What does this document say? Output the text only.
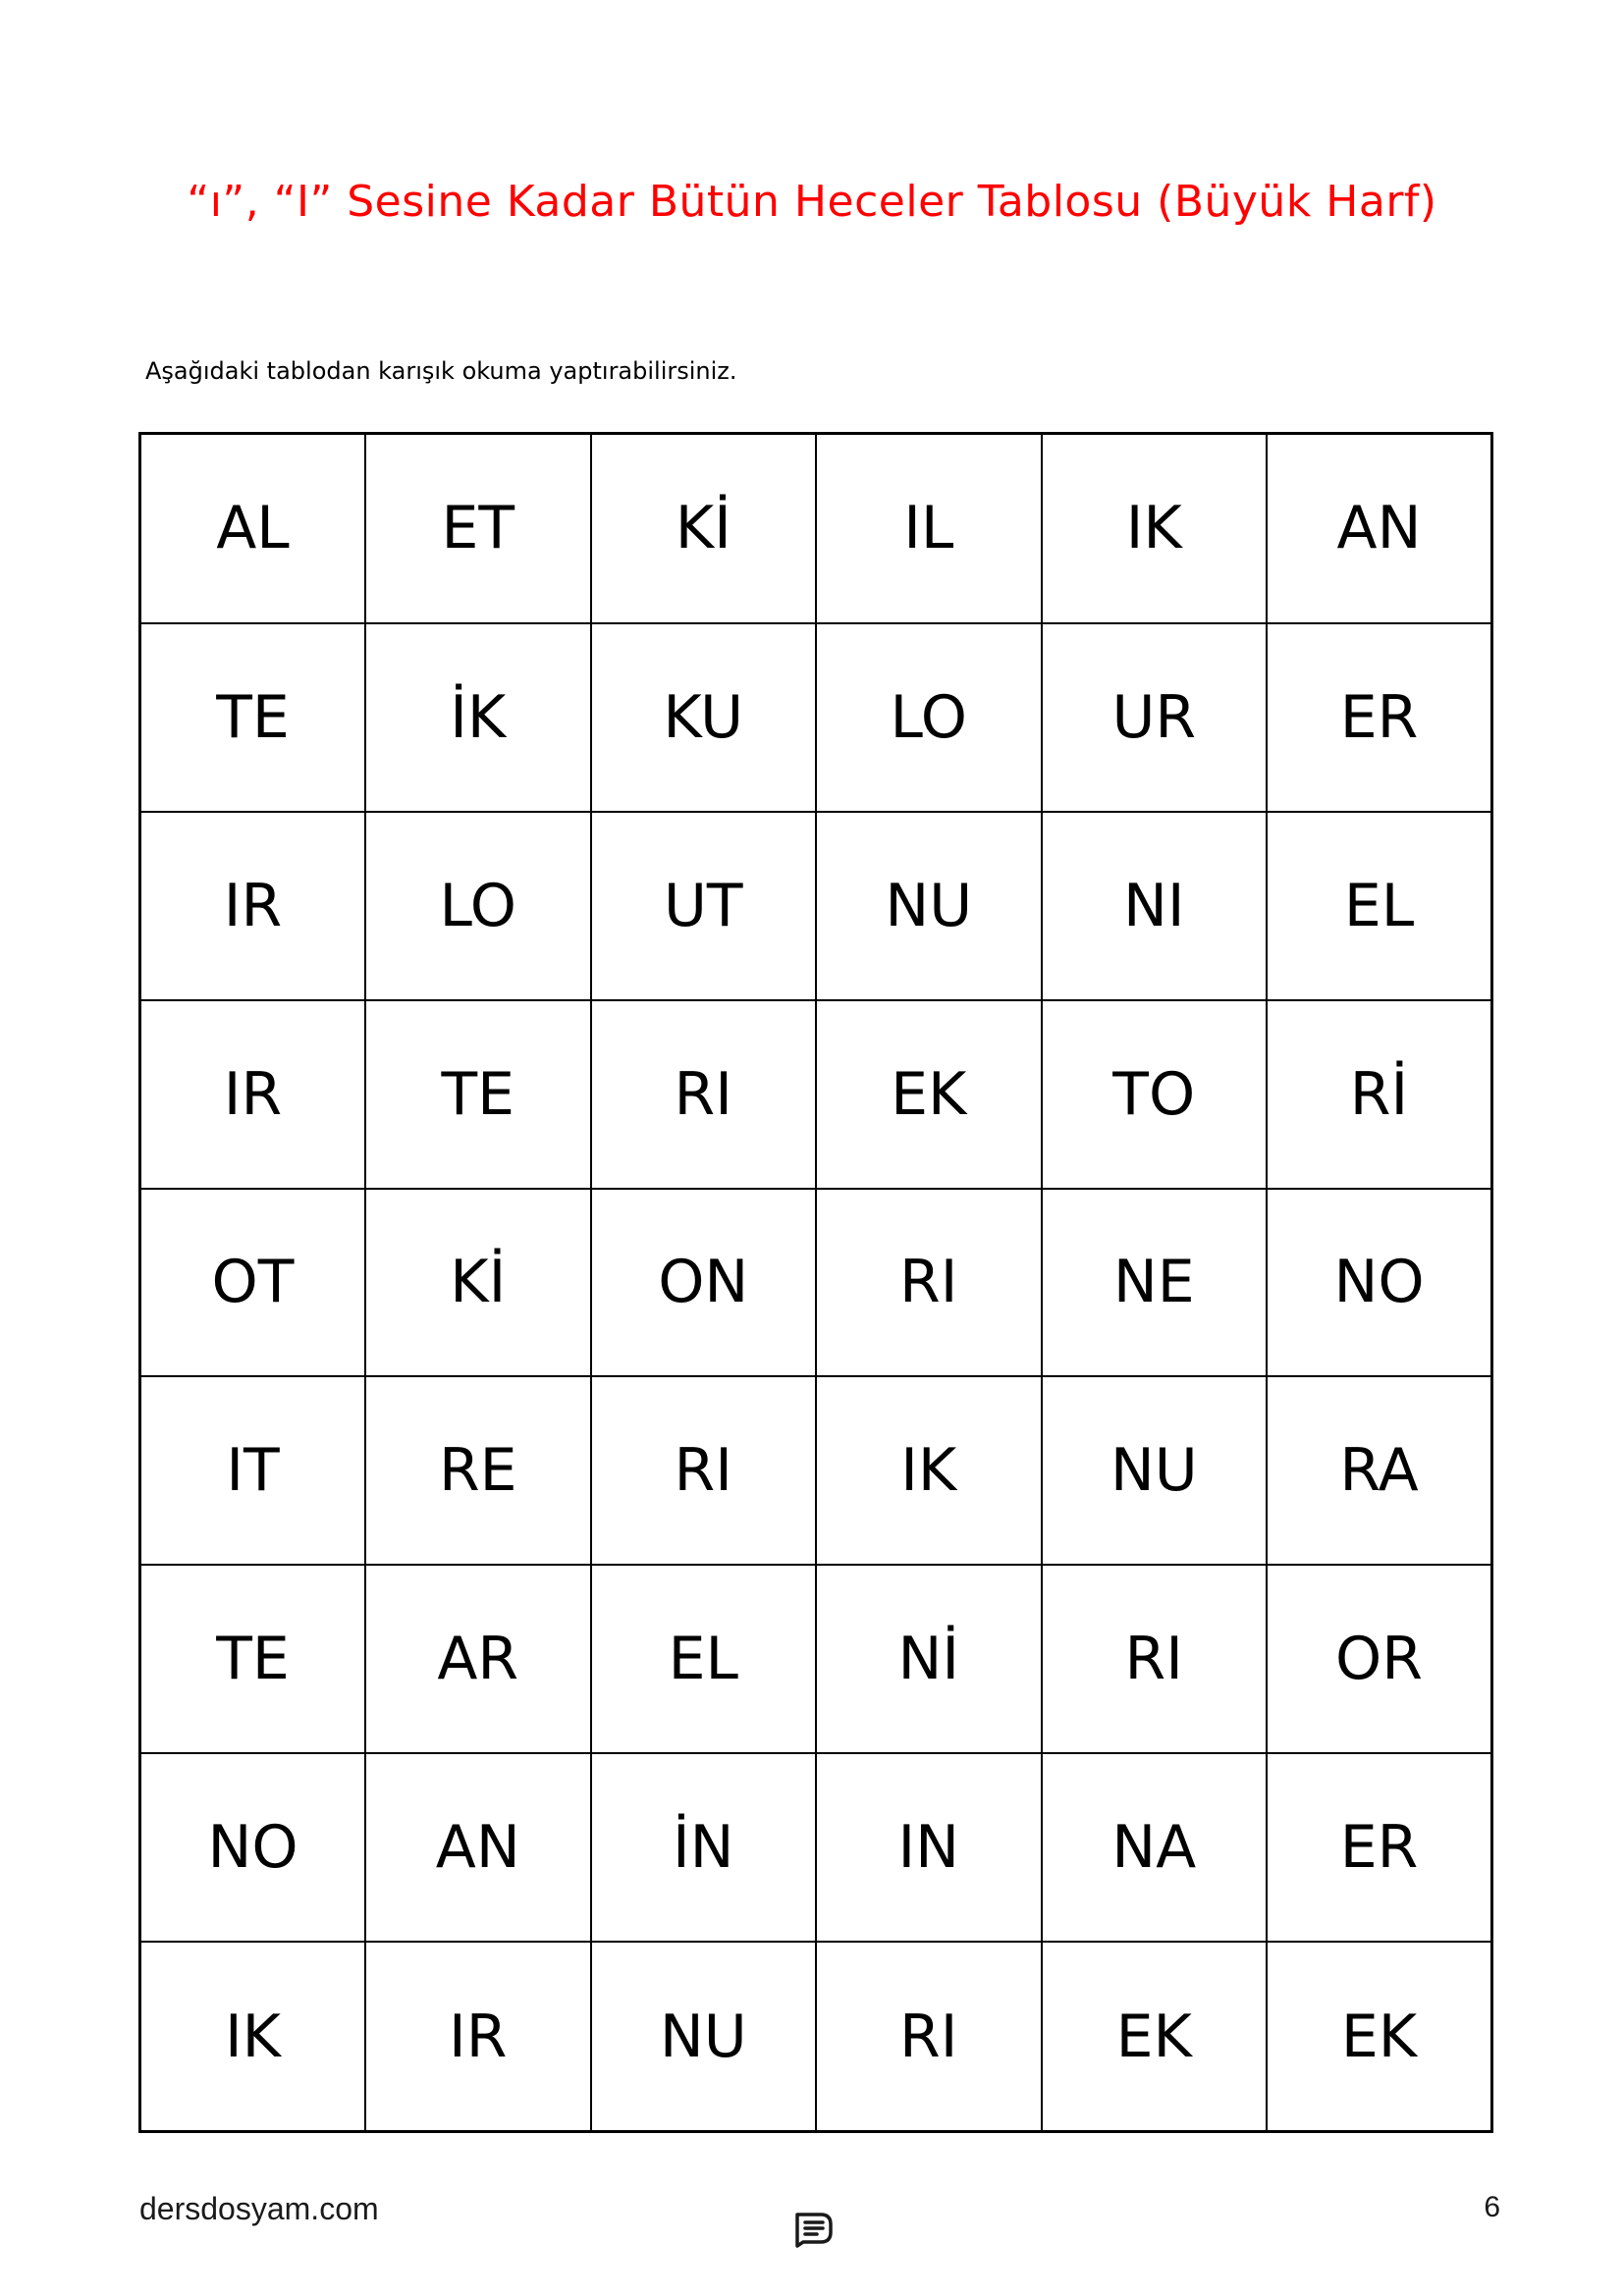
“ı”, “I” Sesine Kadar Bütün Heceler Tablosu (Büyük Harf)
Aşağıdaki tablodan karışık okuma yaptırabilirsiniz.
AL	ET	Kİ	IL	IK	AN
TE	İK	KU	LO	UR	ER
IR	LO	UT	NU	NI	EL
IR	TE	RI	EK	TO	Rİ
OT	Kİ	ON	RI	NE	NO
IT	RE	RI	IK	NU	RA
TE	AR	EL	Nİ	RI	OR
NO	AN	İN	IN	NA	ER
IK	IR	NU	RI	EK	EK
dersdosyam.com	6
